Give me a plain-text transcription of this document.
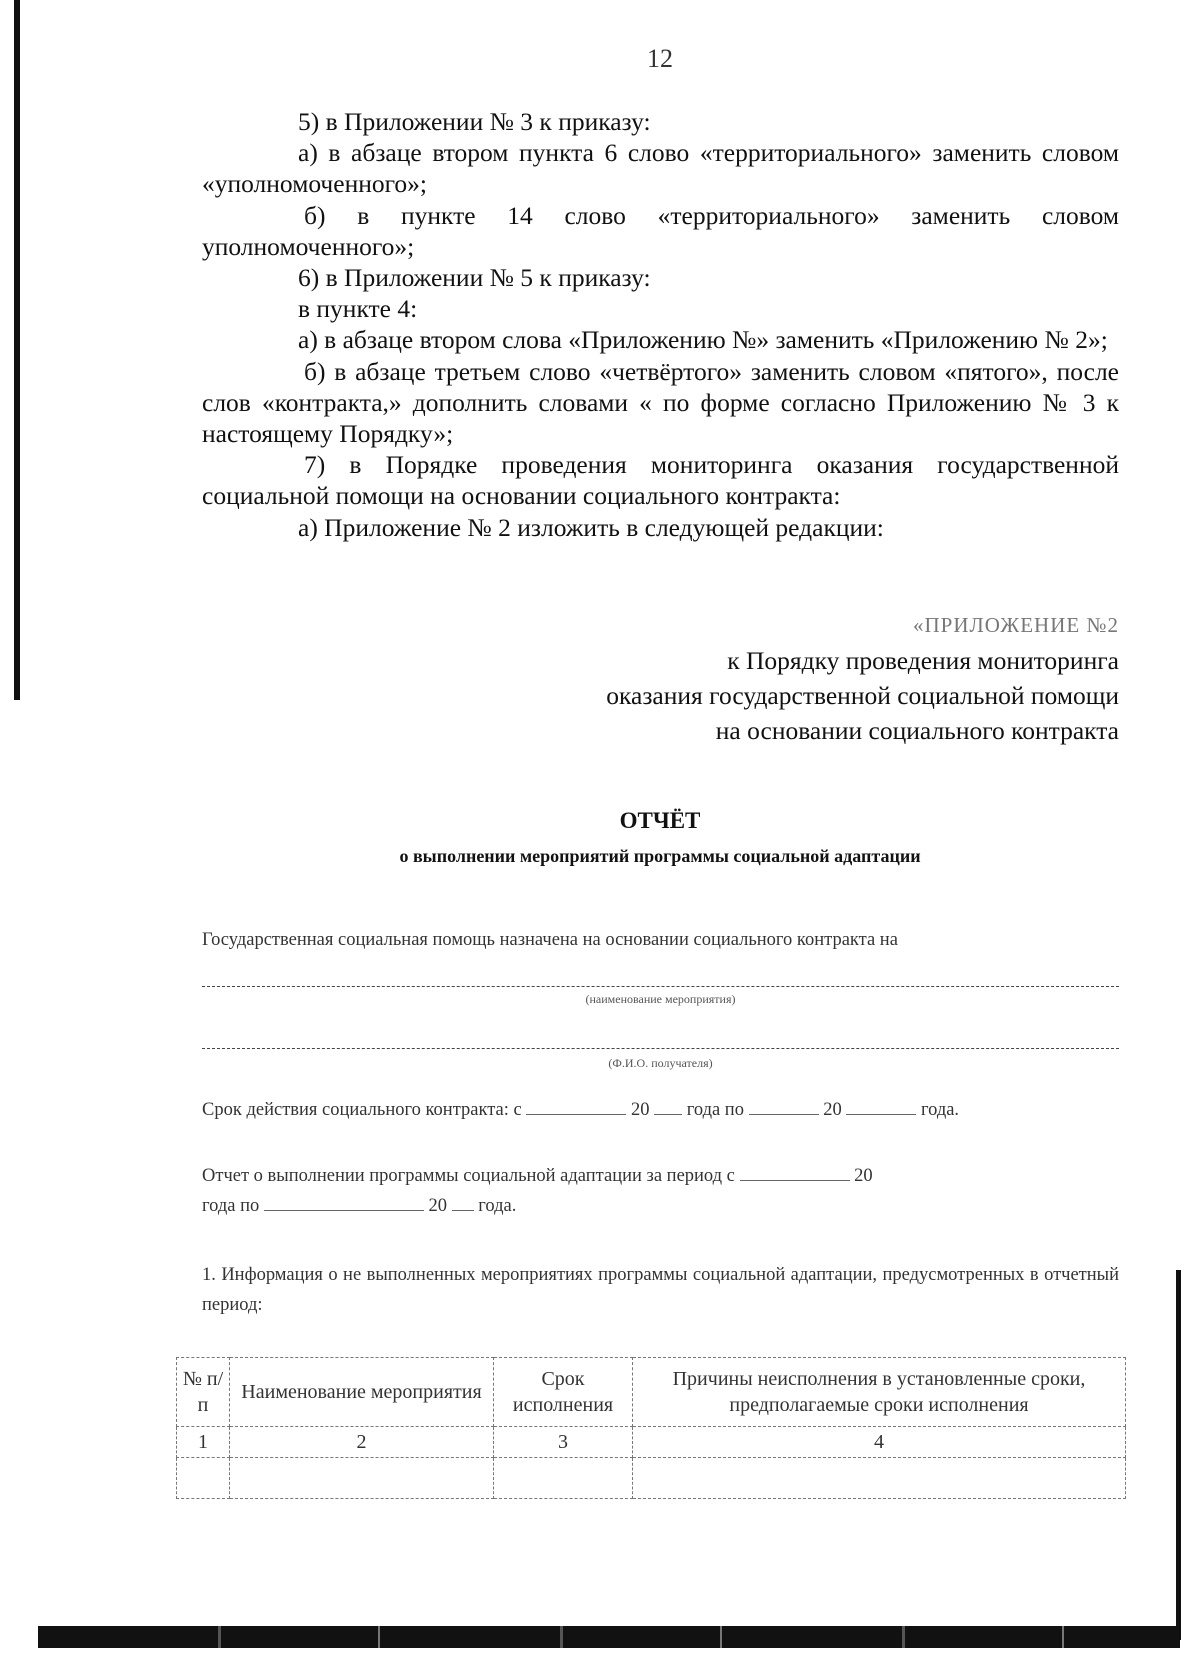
12

5) в Приложении № 3 к приказу:

а) в абзаце втором пункта 6 слово «территориального» заменить словом «уполномоченного»;

б) в пункте 14 слово «территориального» заменить словом уполномоченного»;

6) в Приложении № 5 к приказу:

в пункте 4:

а) в абзаце втором слова «Приложению №» заменить «Приложению № 2»;

б) в абзаце третьем слово «четвёртого» заменить словом «пятого», после слов «контракта,» дополнить словами « по форме согласно Приложению № 3 к настоящему Порядку»;

7) в Порядке проведения мониторинга оказания государственной социальной помощи на основании социального контракта:

а) Приложение № 2 изложить в следующей редакции:

«ПРИЛОЖЕНИЕ №2
к Порядку проведения мониторинга
оказания государственной социальной помощи
на основании социального контракта
ОТЧЁТ
о выполнении мероприятий программы социальной адаптации
Государственная социальная помощь назначена на основании социального контракта на
(наименование мероприятия)
(Ф.И.О. получателя)
Срок действия социального контракта: с	20 года по	20	года.
Отчет о выполнении программы социальной адаптации за период с	20
года по	20 года.
1. Информация о не выполненных мероприятиях программы социальной адаптации, предусмотренных в отчетный период:
№ п/п	Наименование мероприятия	Срок исполнения	Причины неисполнения в установленные сроки, предполагаемые сроки исполнения
1	2	3	4
